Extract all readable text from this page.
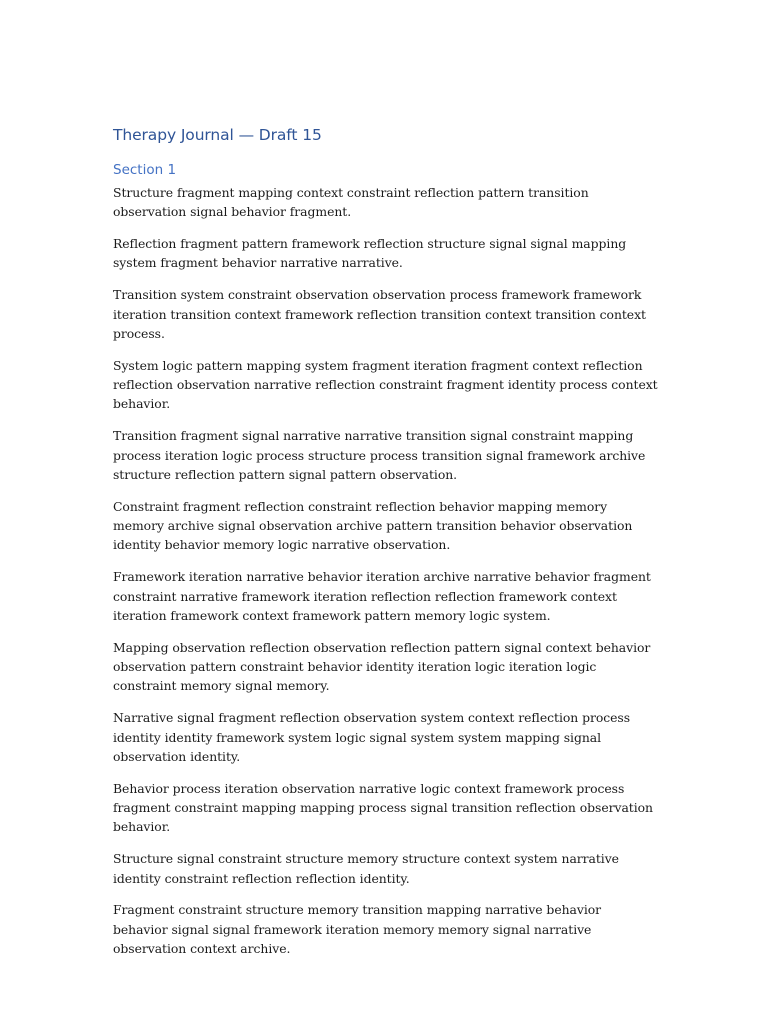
Therapy Journal — Draft 15
Section 1

Structure fragment mapping context constraint reflection pattern transition observation signal behavior fragment.

Reflection fragment pattern framework reflection structure signal signal mapping system fragment behavior narrative narrative.

Transition system constraint observation observation process framework framework iteration transition context framework reflection transition context transition context process.

System logic pattern mapping system fragment iteration fragment context reflection reflection observation narrative reflection constraint fragment identity process context behavior.

Transition fragment signal narrative narrative transition signal constraint mapping process iteration logic process structure process transition signal framework archive structure reflection pattern signal pattern observation.

Constraint fragment reflection constraint reflection behavior mapping memory memory archive signal observation archive pattern transition behavior observation identity behavior memory logic narrative observation.

Framework iteration narrative behavior iteration archive narrative behavior fragment constraint narrative framework iteration reflection reflection framework context iteration framework context framework pattern memory logic system.

Mapping observation reflection observation reflection pattern signal context behavior observation pattern constraint behavior identity iteration logic iteration logic constraint memory signal memory.

Narrative signal fragment reflection observation system context reflection process identity identity framework system logic signal system system mapping signal observation identity.

Behavior process iteration observation narrative logic context framework process fragment constraint mapping mapping process signal transition reflection observation behavior.

Structure signal constraint structure memory structure context system narrative identity constraint reflection reflection identity.

Fragment constraint structure memory transition mapping narrative behavior behavior signal signal framework iteration memory memory signal narrative observation context archive.
